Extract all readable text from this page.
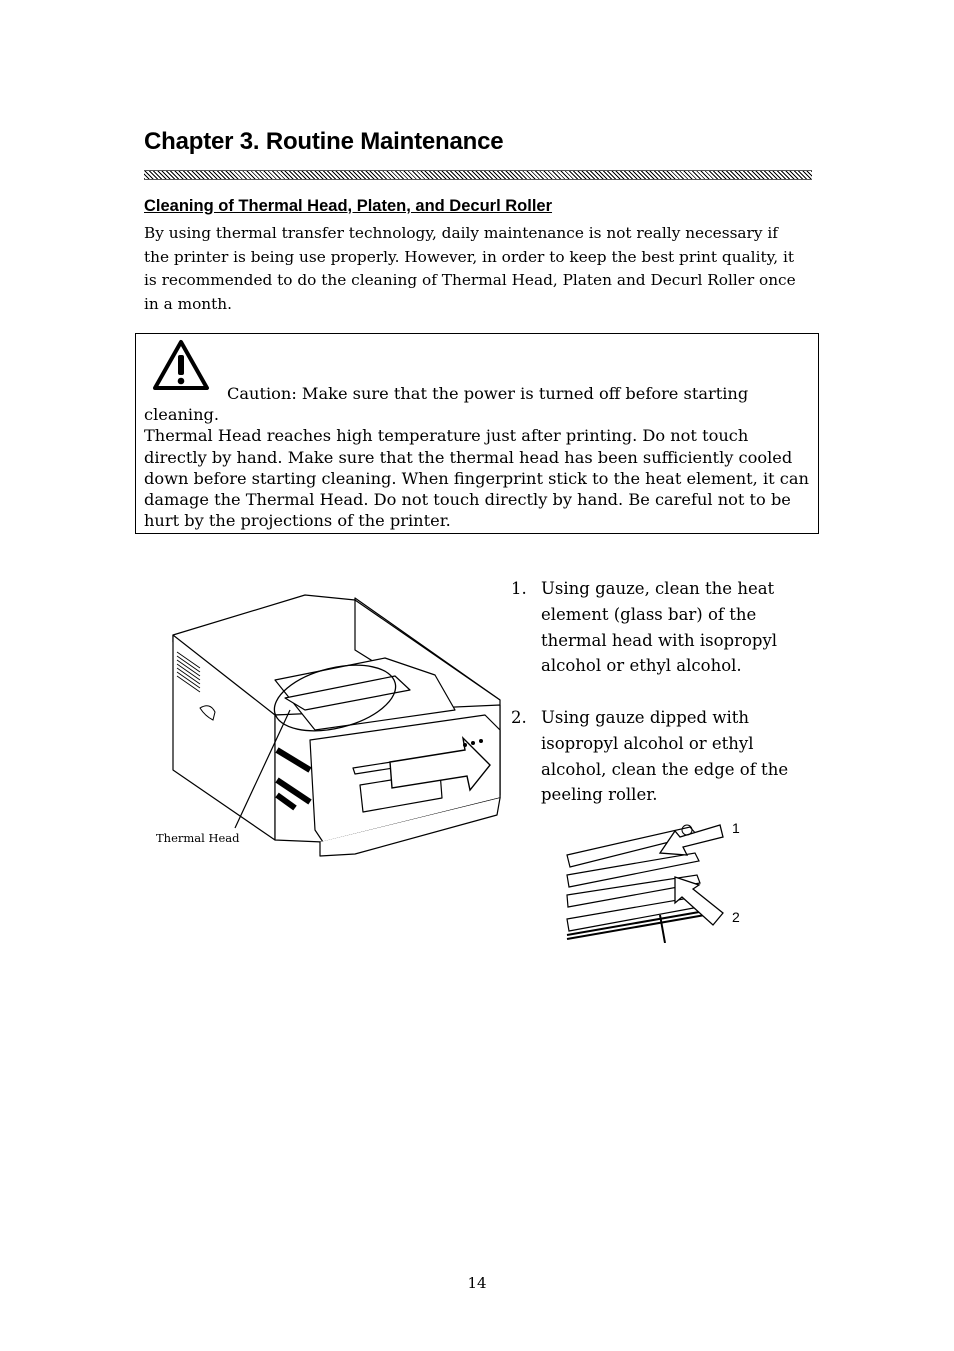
Chapter 3. Routine Maintenance
Cleaning of Thermal Head, Platen, and Decurl Roller
By using thermal transfer technology, daily maintenance is not really necessary if
the printer is being use properly. However, in order to keep the best print quality, it
is recommended to do the cleaning of Thermal Head, Platen and Decurl Roller once
in a month.
Caution: Make sure that the power is turned off before starting
cleaning.
Thermal Head reaches high temperature just after printing. Do not touch
directly by hand. Make sure that the thermal head has been sufficiently cooled
down before starting cleaning. When fingerprint stick to the heat element, it can
damage the Thermal Head. Do not touch directly by hand. Be careful not to be
hurt by the projections of the printer.
Thermal Head
1. Using gauze, clean the heat
element (glass bar) of the
thermal head with isopropyl
alcohol or ethyl alcohol.
2. Using gauze dipped with
isopropyl alcohol or ethyl
alcohol, clean the edge of the
peeling roller.
1
2
14
